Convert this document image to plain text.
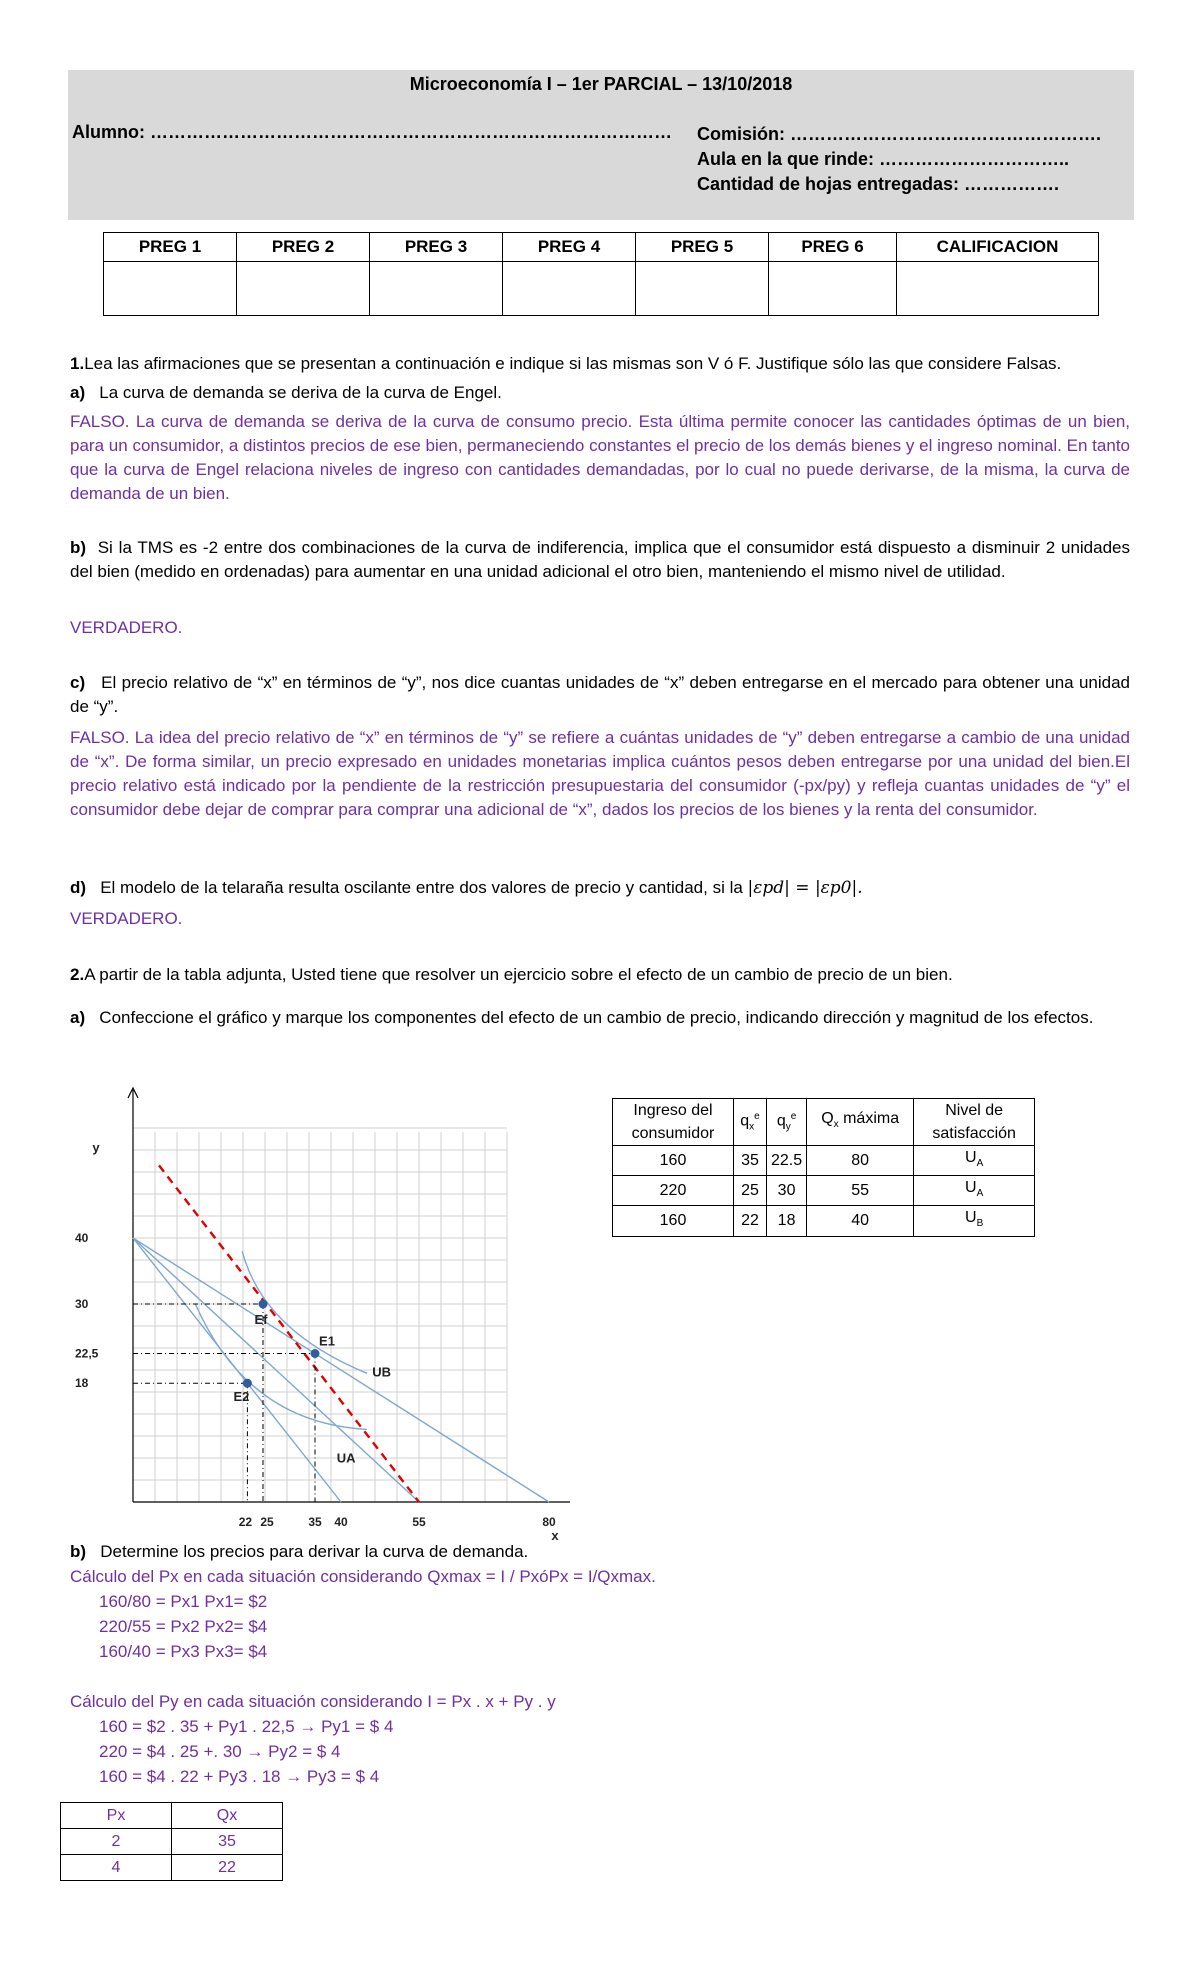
Microeconomía I – 1er PARCIAL – 13/10/2018
Alumno: …………………………………………………………………………… Comisión: …………………………………………….
Aula en la que rinde: …………………………..
Cantidad de hojas entregadas: …………….
PREG 1	PREG 2	PREG 3	PREG 4	PREG 5	PREG 6	CALIFICACION

1.Lea las afirmaciones que se presentan a continuación e indique si las mismas son V ó F. Justifique sólo las que considere Falsas.
a) La curva de demanda se deriva de la curva de Engel.
FALSO. La curva de demanda se deriva de la curva de consumo precio. Esta última permite conocer las cantidades óptimas de un bien, para un consumidor, a distintos precios de ese bien, permaneciendo constantes el precio de los demás bienes y el ingreso nominal. En tanto que la curva de Engel relaciona niveles de ingreso con cantidades demandadas, por lo cual no puede derivarse, de la misma, la curva de demanda de un bien.
b) Si la TMS es -2 entre dos combinaciones de la curva de indiferencia, implica que el consumidor está dispuesto a disminuir 2 unidades del bien (medido en ordenadas) para aumentar en una unidad adicional el otro bien, manteniendo el mismo nivel de utilidad.
VERDADERO.
c) El precio relativo de “x” en términos de “y”, nos dice cuantas unidades de “x” deben entregarse en el mercado para obtener una unidad de “y”.
FALSO. La idea del precio relativo de “x” en términos de “y” se refiere a cuántas unidades de “y” deben entregarse a cambio de una unidad de “x”. De forma similar, un precio expresado en unidades monetarias implica cuántos pesos deben entregarse por una unidad del bien.El precio relativo está indicado por la pendiente de la restricción presupuestaria del consumidor (-px/py) y refleja cuantas unidades de “y” el consumidor debe dejar de comprar para comprar una adicional de “x”, dados los precios de los bienes y la renta del consumidor.
d) El modelo de la telaraña resulta oscilante entre dos valores de precio y cantidad, si la |εpd| = |εp0|.
VERDADERO.
2.A partir de la tabla adjunta, Usted tiene que resolver un ejercicio sobre el efecto de un cambio de precio de un bien.
a) Confeccione el gráfico y marque los componentes del efecto de un cambio de precio, indicando dirección y magnitud de los efectos.
Ef
E1
E2
UB
UA
22 25	35 40	55	80
40
30
22,5
18
y
x
Ingreso del consumidor	$q_x^e$	$q_y^e$	$Q_x$ máxima	Nivel de satisfacción
160	35	22.5	80	$U_A$
220	25	30	55	$U_A$
160	22	18	40	$U_B$
b) Determine los precios para derivar la curva de demanda.
Cálculo del Px en cada situación considerando Qxmax = I / PxóPx = I/Qxmax.
160/80 = Px1 Px1= $2
220/55 = Px2 Px2= $4
160/40 = Px3 Px3= $4
Cálculo del Py en cada situación considerando I = Px . x + Py . y
160 = $2 . 35 + Py1 . 22,5 → Py1 = $ 4
220 = $4 . 25 +. 30 → Py2 = $ 4
160 = $4 . 22 + Py3 . 18 → Py3 = $ 4
Px	Qx
2	35
4	22
